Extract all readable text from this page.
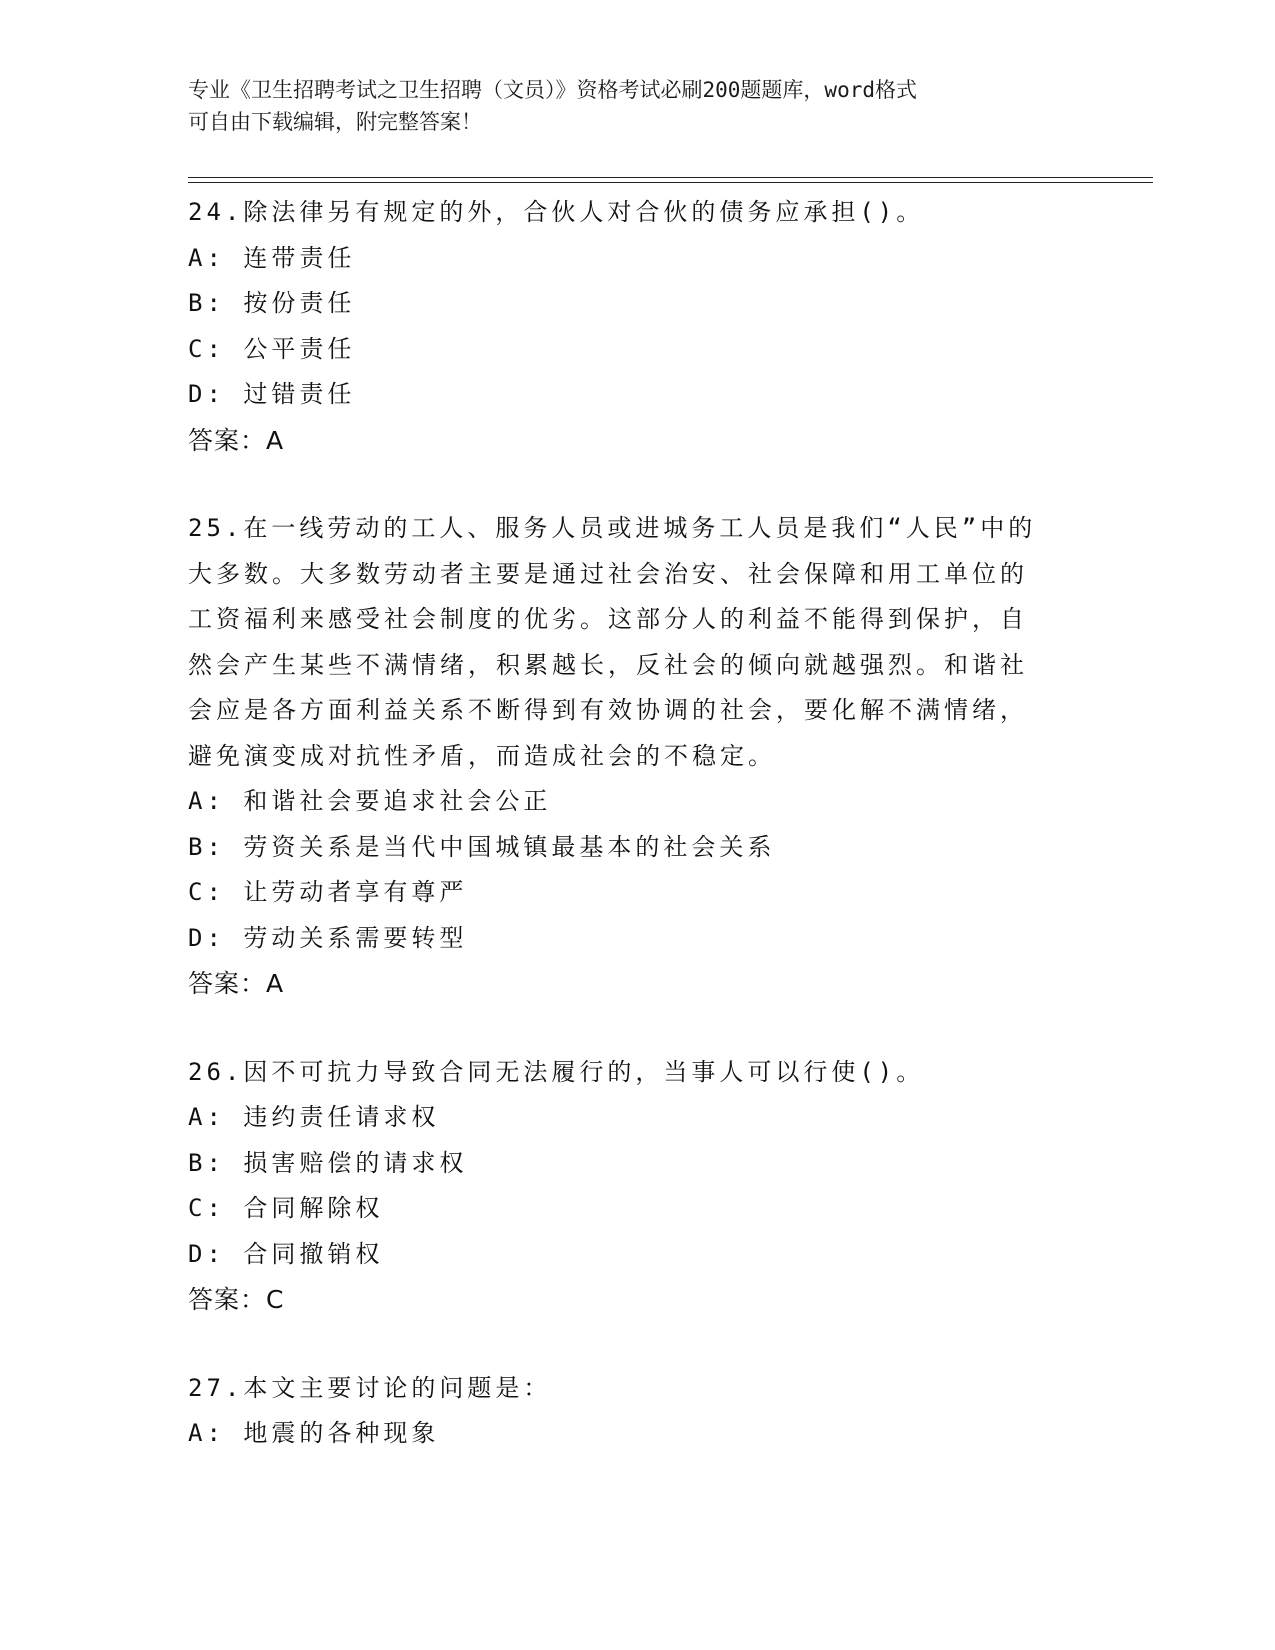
专业《卫生招聘考试之卫生招聘（文员）》资格考试必刷200题题库，word格式
可自由下载编辑，附完整答案！

24.除法律另有规定的外，合伙人对合伙的债务应承担()。

A: 连带责任

B: 按份责任

C: 公平责任

D: 过错责任

答案：A

25.在一线劳动的工人、服务人员或进城务工人员是我们“人民”中的

大多数。大多数劳动者主要是通过社会治安、社会保障和用工单位的

工资福利来感受社会制度的优劣。这部分人的利益不能得到保护，自

然会产生某些不满情绪，积累越长，反社会的倾向就越强烈。和谐社

会应是各方面利益关系不断得到有效协调的社会，要化解不满情绪，

避免演变成对抗性矛盾，而造成社会的不稳定。

A: 和谐社会要追求社会公正

B: 劳资关系是当代中国城镇最基本的社会关系

C: 让劳动者享有尊严

D: 劳动关系需要转型

答案：A

26.因不可抗力导致合同无法履行的，当事人可以行使()。

A: 违约责任请求权

B: 损害赔偿的请求权

C: 合同解除权

D: 合同撤销权

答案：C

27.本文主要讨论的问题是：

A: 地震的各种现象
